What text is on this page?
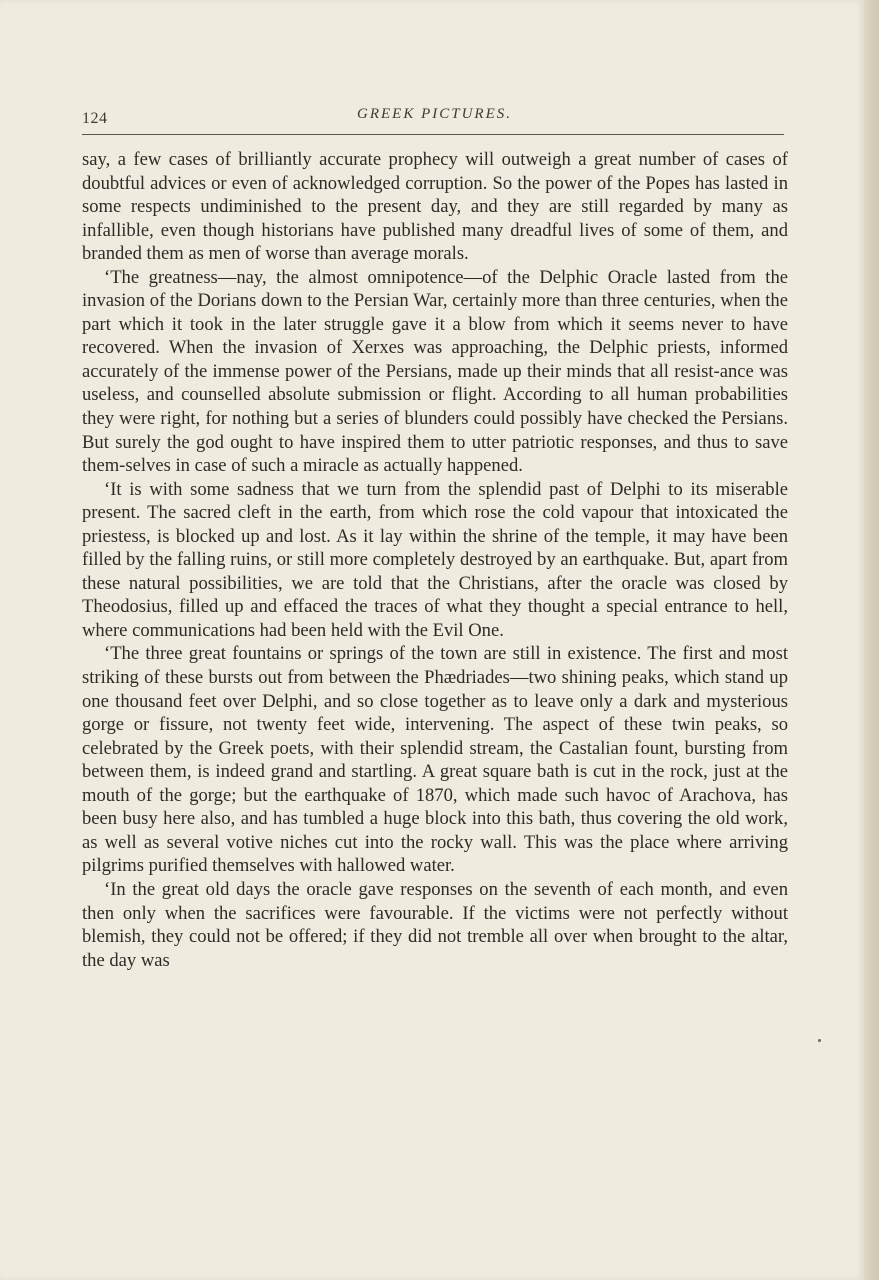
124	GREEK PICTURES.

say, a few cases of brilliantly accurate prophecy will outweigh a great number of cases of doubtful advices or even of acknowledged corruption. So the power of the Popes has lasted in some respects undiminished to the present day, and they are still regarded by many as infallible, even though historians have published many dreadful lives of some of them, and branded them as men of worse than average morals.

‘The greatness—nay, the almost omnipotence—of the Delphic Oracle lasted from the invasion of the Dorians down to the Persian War, certainly more than three centuries, when the part which it took in the later struggle gave it a blow from which it seems never to have recovered. When the invasion of Xerxes was approaching, the Delphic priests, informed accurately of the immense power of the Persians, made up their minds that all resist-ance was useless, and counselled absolute submission or flight. According to all human probabilities they were right, for nothing but a series of blunders could possibly have checked the Persians. But surely the god ought to have inspired them to utter patriotic responses, and thus to save them-selves in case of such a miracle as actually happened.

‘It is with some sadness that we turn from the splendid past of Delphi to its miserable present. The sacred cleft in the earth, from which rose the cold vapour that intoxicated the priestess, is blocked up and lost. As it lay within the shrine of the temple, it may have been filled by the falling ruins, or still more completely destroyed by an earthquake. But, apart from these natural possibilities, we are told that the Christians, after the oracle was closed by Theodosius, filled up and effaced the traces of what they thought a special entrance to hell, where communications had been held with the Evil One.

‘The three great fountains or springs of the town are still in existence. The first and most striking of these bursts out from between the Phædriades—two shining peaks, which stand up one thousand feet over Delphi, and so close together as to leave only a dark and mysterious gorge or fissure, not twenty feet wide, intervening. The aspect of these twin peaks, so celebrated by the Greek poets, with their splendid stream, the Castalian fount, bursting from between them, is indeed grand and startling. A great square bath is cut in the rock, just at the mouth of the gorge; but the earthquake of 1870, which made such havoc of Arachova, has been busy here also, and has tumbled a huge block into this bath, thus covering the old work, as well as several votive niches cut into the rocky wall. This was the place where arriving pilgrims purified themselves with hallowed water.

‘In the great old days the oracle gave responses on the seventh of each month, and even then only when the sacrifices were favourable. If the victims were not perfectly without blemish, they could not be offered; if they did not tremble all over when brought to the altar, the day was
